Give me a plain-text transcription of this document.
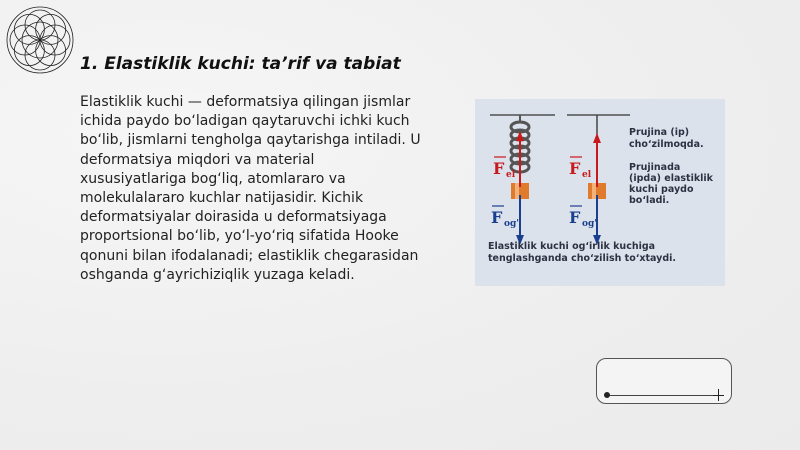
1. Elastiklik kuchi: ta’rif va tabiat
Elastiklik kuchi — deformatsiya qilingan jismlar ichida paydo bo‘ladigan qaytaruvchi ichki kuch bo‘lib, jismlarni tengholga qaytarishga intiladi. U deformatsiya miqdori va material xususiyatlariga bog‘liq, atomlararo va molekulalararo kuchlar natijasidir. Kichik deformatsiyalar doirasida u deformatsiyaga proportsional bo‘lib, yo‘l-yo‘riq sifatida Hooke qonuni bilan ifodalanadi; elastiklik chegarasidan oshganda g‘ayrichiziqlik yuzaga keladi.
F el	F el
F og'	F og'
Prujina (ip)
cho‘zilmoqda.
Prujinada
(ipda) elastiklik
kuchi paydo
bo‘ladi.
Elastiklik kuchi og‘irlik kuchiga
tenglashganda cho‘zilish to‘xtaydi.
